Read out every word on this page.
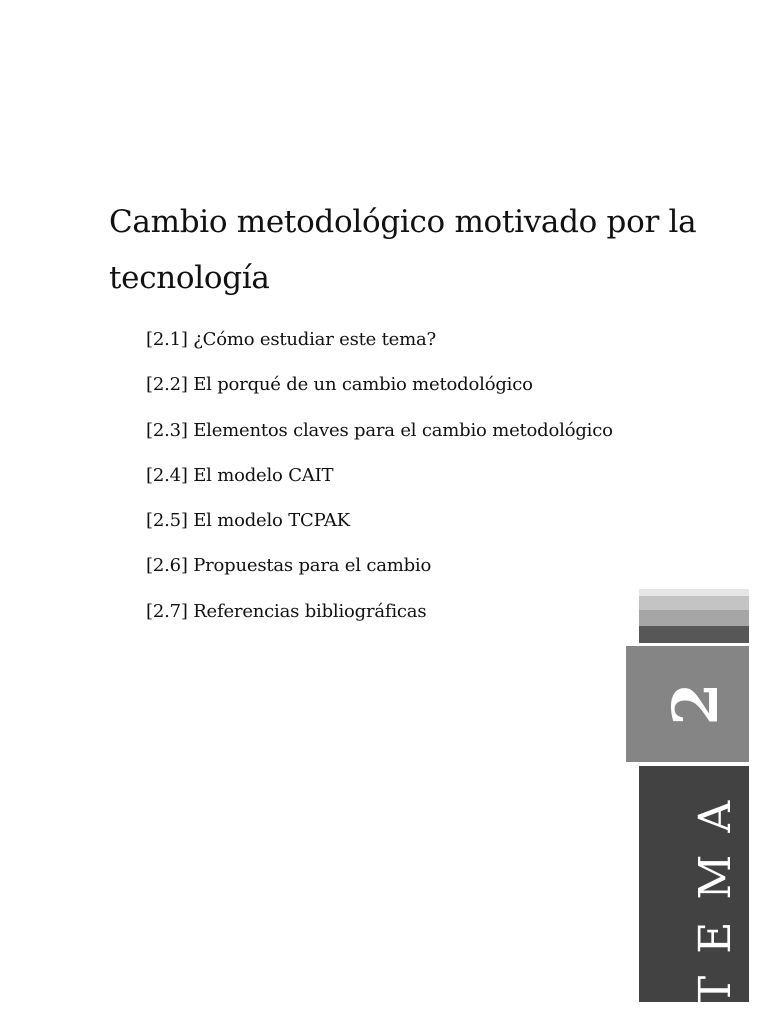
Cambio metodológico motivado por la
tecnología
[2.1] ¿Cómo estudiar este tema?
[2.2] El porqué de un cambio metodológico
[2.3] Elementos claves para el cambio metodológico
[2.4] El modelo CAIT
[2.5] El modelo TCPAK
[2.6] Propuestas para el cambio
[2.7] Referencias bibliográficas
2
TEMA
